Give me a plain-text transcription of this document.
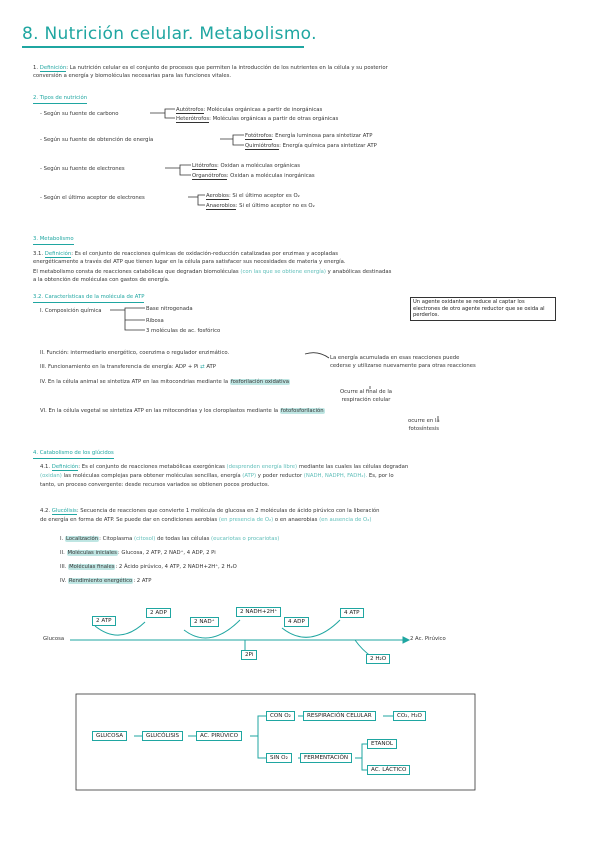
8. Nutrición celular. Metabolismo.
1. Definición: La nutrición celular es el conjunto de procesos que permiten la introducción de los nutrientes en la célula y su posterior
conversión a energía y biomoléculas necesarias para las funciones vitales.
2. Tipos de nutrición
- Según su fuente de carbono
Autótrofos: Moléculas orgánicas a partir de inorgánicas
Heterótrofos: Moléculas orgánicas a partir de otras orgánicas
- Según su fuente de obtención de energía
Fotótrofos: Energía luminosa para sintetizar ATP
Quimiótrofos: Energía química para sintetizar ATP
- Según su fuente de electrones	Litótrofos: Oxidan a moléculas orgánicas
Organótrofos: Oxidan a moléculas inorgánicas
- Según el último aceptor de electrones	Aerobios: Si el último aceptor es O₂
Anaerobios: Si el último aceptor no es O₂
3. Metabolismo
3.1. Definición: Es el conjunto de reacciones químicas de oxidación-reducción catalizadas por enzimas y acopladas
energéticamente a través del ATP que tienen lugar en la célula para satisfacer sus necesidades de materia y energía.
El metabolismo consta de reacciones catabólicas que degradan biomoléculas (con las que se obtiene energía) y anabólicas destinadas
a la obtención de moléculas con gastos de energía.
3.2. Características de la molécula de ATP
Un agente oxidante se reduce al captar los electrones de otro agente reductor que se oxida al perderlos.
I. Composición química	Base nitrogenada
Ribosa
3 moléculas de ac. fosfórico
II. Función: intermediario energético, coenzima o regulador enzimático.
III. Funcionamiento en la transferencia de energía: ADP + Pi ⇄ ATP
La energía acumulada en esas reacciones puede
cederse y utilizarse nuevamente para otras reacciones
IV. En la célula animal se sintetiza ATP en las mitocondrias mediante la fosforilación oxidativa
Ocurre al final de la
respiración celular
VI. En la célula vegetal se sintetiza ATP en las mitocondrias y los cloroplastos mediante la fotofosforilación
ocurre en la
fotosíntesis
4. Catabolismo de los glúcidos
4.1. Definición: Es el conjunto de reacciones metabólicas exergónicas (desprenden energía libre) mediante las cuales las células degradan
(oxidan) las moléculas complejas para obtener moléculas sencillas, energía (ATP) y poder reductor (NADH, NADPH, FADH₂). Es, por lo
tanto, un proceso convergente: desde recursos variados se obtienen pocos productos.
4.2. Glucólisis: Secuencia de reacciones que convierte 1 molécula de glucosa en 2 moléculas de ácido pirúvico con la liberación
de energía en forma de ATP. Se puede dar en condiciones aerobias (en presencia de O₂) o en anaerobias (en ausencia de O₂)
I. Localización: Citoplasma (citosol) de todas las células (eucariotas o procariotas)
II. Moléculas iniciales: Glucosa, 2 ATP, 2 NAD⁺, 4 ADP, 2 Pi
III. Moléculas finales: 2 Ácido pirúvico, 4 ATP, 2 NADH+2H⁺, 2 H₂O
IV. Rendimiento energético: 2 ATP
Glucosa	2 Ac. Pirúvico
2 ATP
2 ADP
2 NAD⁺
2 NADH+2H⁺
4 ADP
4 ATP
2Pi
2 H₂O
GLUCOSA	GLUCÓLISIS	AC. PIRÚVICO
CON O₂	RESPIRACIÓN CELULAR	CO₂, H₂O
SIN O₂	FERMENTACIÓN
ETANOL
AC. LÁCTICO
